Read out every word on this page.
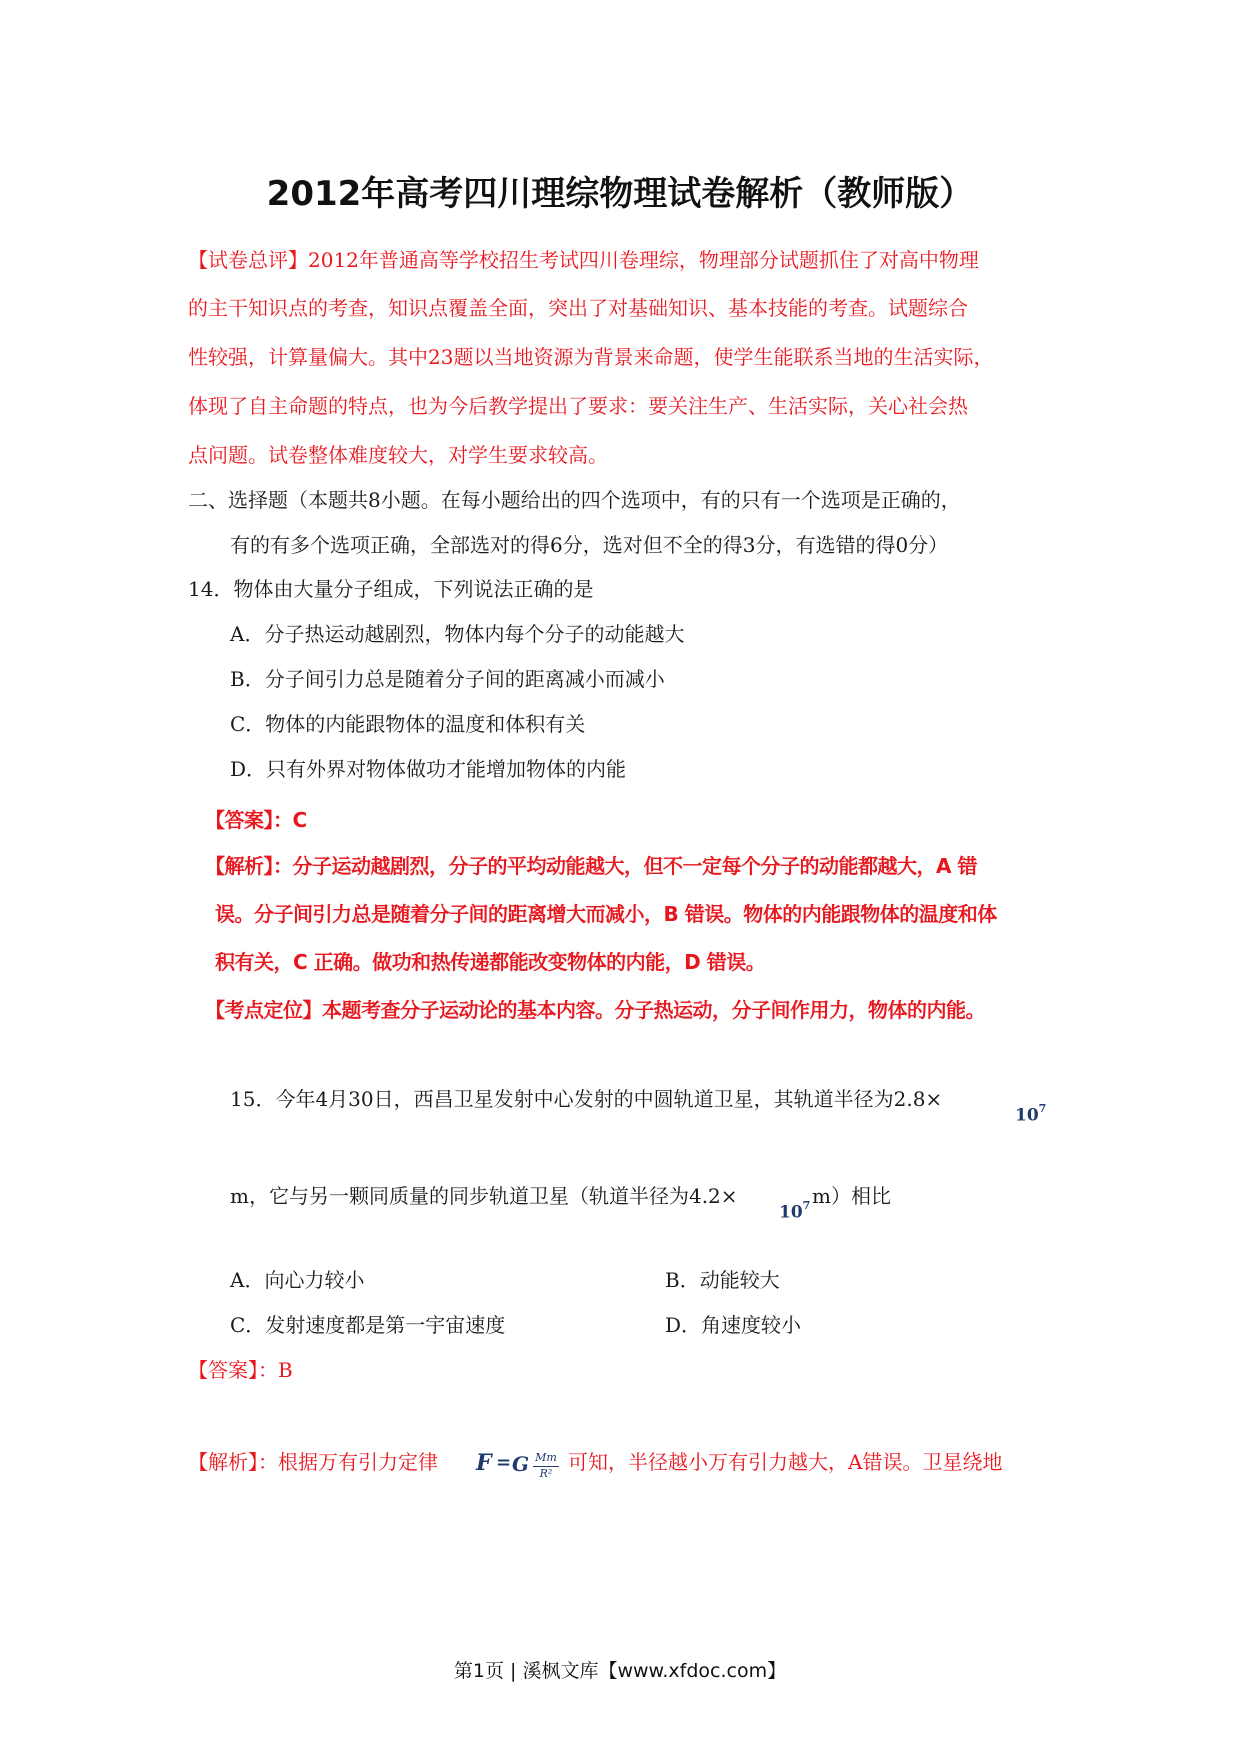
2012年高考四川理综物理试卷解析（教师版）
【试卷总评】2012年普通高等学校招生考试四川卷理综，物理部分试题抓住了对高中物理
的主干知识点的考查，知识点覆盖全面，突出了对基础知识、基本技能的考查。试题综合
性较强，计算量偏大。其中23题以当地资源为背景来命题，使学生能联系当地的生活实际，
体现了自主命题的特点，也为今后教学提出了要求：要关注生产、生活实际，关心社会热
点问题。试卷整体难度较大，对学生要求较高。
二、选择题（本题共8小题。在每小题给出的四个选项中，有的只有一个选项是正确的，
有的有多个选项正确，全部选对的得6分，选对但不全的得3分，有选错的得0分）
14．物体由大量分子组成，下列说法正确的是
A．分子热运动越剧烈，物体内每个分子的动能越大
B．分子间引力总是随着分子间的距离减小而减小
C．物体的内能跟物体的温度和体积有关
D．只有外界对物体做功才能增加物体的内能
【答案】：C
【解析】：分子运动越剧烈，分子的平均动能越大，但不一定每个分子的动能都越大，A 错
误。分子间引力总是随着分子间的距离增大而减小，B 错误。物体的内能跟物体的温度和体
积有关，C 正确。做功和热传递都能改变物体的内能，D 错误。
【考点定位】本题考查分子运动论的基本内容。分子热运动，分子间作用力，物体的内能。
15．今年4月30日，西昌卫星发射中心发射的中圆轨道卫星，其轨道半径为2.8×
$10^7$
m，它与另一颗同质量的同步轨道卫星（轨道半径为4.2×
$10^7$ m）相比
A．向心力较小	B．动能较大
C．发射速度都是第一宇宙速度	D．角速度较小
【答案】：B
【解析】：根据万有引力定律 F = G Mm
R² 可知，半径越小万有引力越大，A错误。卫星绕地
第1页 | 溪枫文库【www.xfdoc.com】
